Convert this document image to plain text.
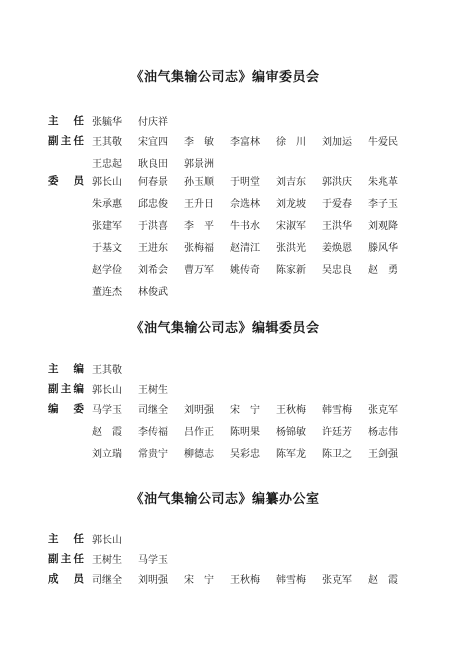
《油气集输公司志》编审委员会
主　任 张毓华	付庆祥
副主任 王其敬	宋宜四	李　敏	李富林	徐　川	刘加运	牛爱民
王忠起	耿良田	郭景洲
委　员 郭长山	何春景	孙玉顺	于明堂	刘吉东	郭洪庆	朱兆革
朱承惠	邱忠俊	王升日	佘选林	刘龙坡	于爱春	李子玉
张建军	于洪喜	李　平	牛书水	宋淑军	王洪华	刘观降
于基文	王进东	张梅福	赵清江	张洪光	姜焕恩	滕风华
赵学俭	刘希会	曹万军	姚传奇	陈家新	吴忠良	赵　勇
董连杰	林俊武
《油气集输公司志》编辑委员会
主　编 王其敬
副主编 郭长山	王树生
编　委 马学玉	司继全	刘明强	宋　宁	王秋梅	韩雪梅	张克军
赵　霞	李传福	吕作正	陈明果	杨锦敏	许廷芳	杨志伟
刘立瑞	常贵宁	柳德志	吴彩忠	陈军龙	陈卫之	王剑强
《油气集输公司志》编纂办公室
主　任 郭长山
副主任 王树生	马学玉
成　员 司继全	刘明强	宋　宁	王秋梅	韩雪梅	张克军	赵　霞
